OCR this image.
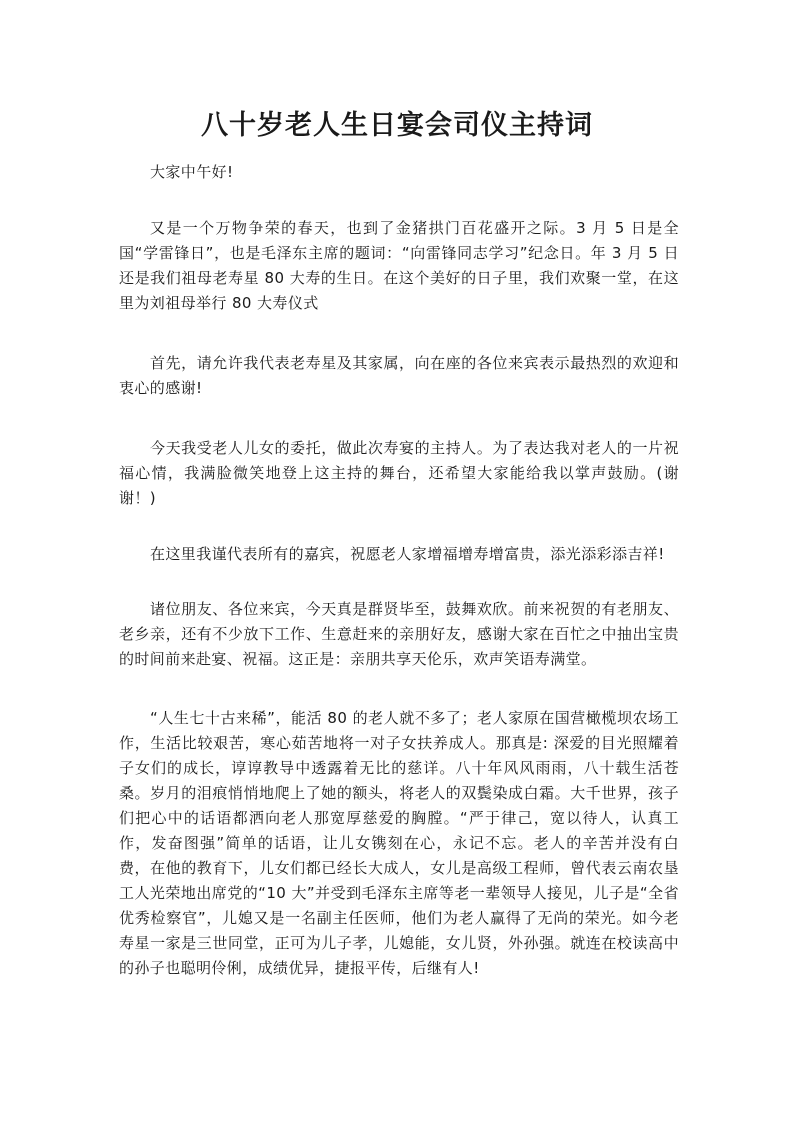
八十岁老人生日宴会司仪主持词

大家中午好!

又是一个万物争荣的春天，也到了金猪拱门百花盛开之际。3 月 5 日是全国“学雷锋日”，也是毛泽东主席的题词：“向雷锋同志学习”纪念日。年 3 月 5 日还是我们祖母老寿星 80 大寿的生日。在这个美好的日子里，我们欢聚一堂，在这里为刘祖母举行 80 大寿仪式

首先，请允许我代表老寿星及其家属，向在座的各位来宾表示最热烈的欢迎和衷心的感谢!

今天我受老人儿女的委托，做此次寿宴的主持人。为了表达我对老人的一片祝福心情，我满脸微笑地登上这主持的舞台，还希望大家能给我以掌声鼓励。(谢谢！)

在这里我谨代表所有的嘉宾，祝愿老人家增福增寿增富贵，添光添彩添吉祥!

诸位朋友、各位来宾，今天真是群贤毕至，鼓舞欢欣。前来祝贺的有老朋友、老乡亲，还有不少放下工作、生意赶来的亲朋好友，感谢大家在百忙之中抽出宝贵的时间前来赴宴、祝福。这正是：亲朋共享天伦乐，欢声笑语寿满堂。

“人生七十古来稀”，能活 80 的老人就不多了；老人家原在国营橄榄坝农场工作，生活比较艰苦，寒心茹苦地将一对子女扶养成人。那真是: 深爱的目光照耀着子女们的成长，谆谆教导中透露着无比的慈详。八十年风风雨雨，八十载生活苍桑。岁月的泪痕悄悄地爬上了她的额头，将老人的双鬓染成白霜。大千世界，孩子们把心中的话语都洒向老人那宽厚慈爱的胸膛。“严于律己，宽以待人，认真工作，发奋图强”简单的话语，让儿女镌刻在心，永记不忘。老人的辛苦并没有白费，在他的教育下，儿女们都已经长大成人，女儿是高级工程师，曾代表云南农垦工人光荣地出席党的“10 大”并受到毛泽东主席等老一辈领导人接见，儿子是“全省优秀检察官”，儿媳又是一名副主任医师，他们为老人赢得了无尚的荣光。如今老寿星一家是三世同堂，正可为儿子孝，儿媳能，女儿贤，外孙强。就连在校读高中的孙子也聪明伶俐，成绩优异，捷报平传，后继有人!
